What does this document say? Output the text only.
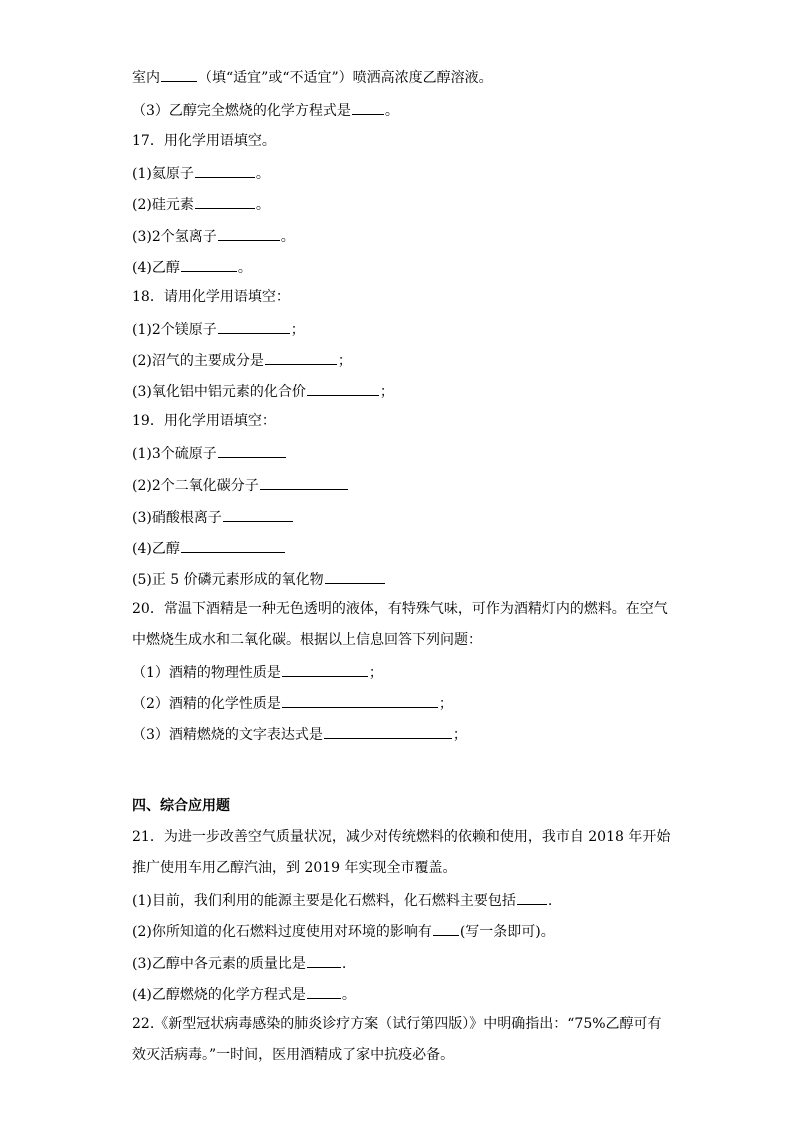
室内	（填“适宜”或“不适宜”）喷洒高浓度乙醇溶液。
（3）乙醇完全燃烧的化学方程式是 。
17．用化学用语填空。
(1)氦原子	。
(2)硅元素	。
(3)2个氢离子	。
(4)乙醇	。
18．请用化学用语填空：
(1)2个镁原子	；
(2)沼气的主要成分是	；
(3)氧化铝中铝元素的化合价	；
19．用化学用语填空：
(1)3个硫原子
(2)2个二氧化碳分子
(3)硝酸根离子
(4)乙醇
(5)正 5 价磷元素形成的氧化物
20．常温下酒精是一种无色透明的液体，有特殊气味，可作为酒精灯内的燃料。在空气
中燃烧生成水和二氧化碳。根据以上信息回答下列问题：
（1）酒精的物理性质是	；
（2）酒精的化学性质是	；
（3）酒精燃烧的文字表达式是	；
四、综合应用题
21．为进一步改善空气质量状况，减少对传统燃料的依赖和使用，我市自 2018 年开始
推广使用车用乙醇汽油，到 2019 年实现全市覆盖。
(1)目前，我们利用的能源主要是化石燃料，化石燃料主要包括 .
(2)你所知道的化石燃料过度使用对环境的影响有 (写一条即可)。
(3)乙醇中各元素的质量比是	.
(4)乙醇燃烧的化学方程式是	。
22.《新型冠状病毒感染的肺炎诊疗方案（试行第四版）》中明确指出：“75%乙醇可有
效灭活病毒。”一时间，医用酒精成了家中抗疫必备。
